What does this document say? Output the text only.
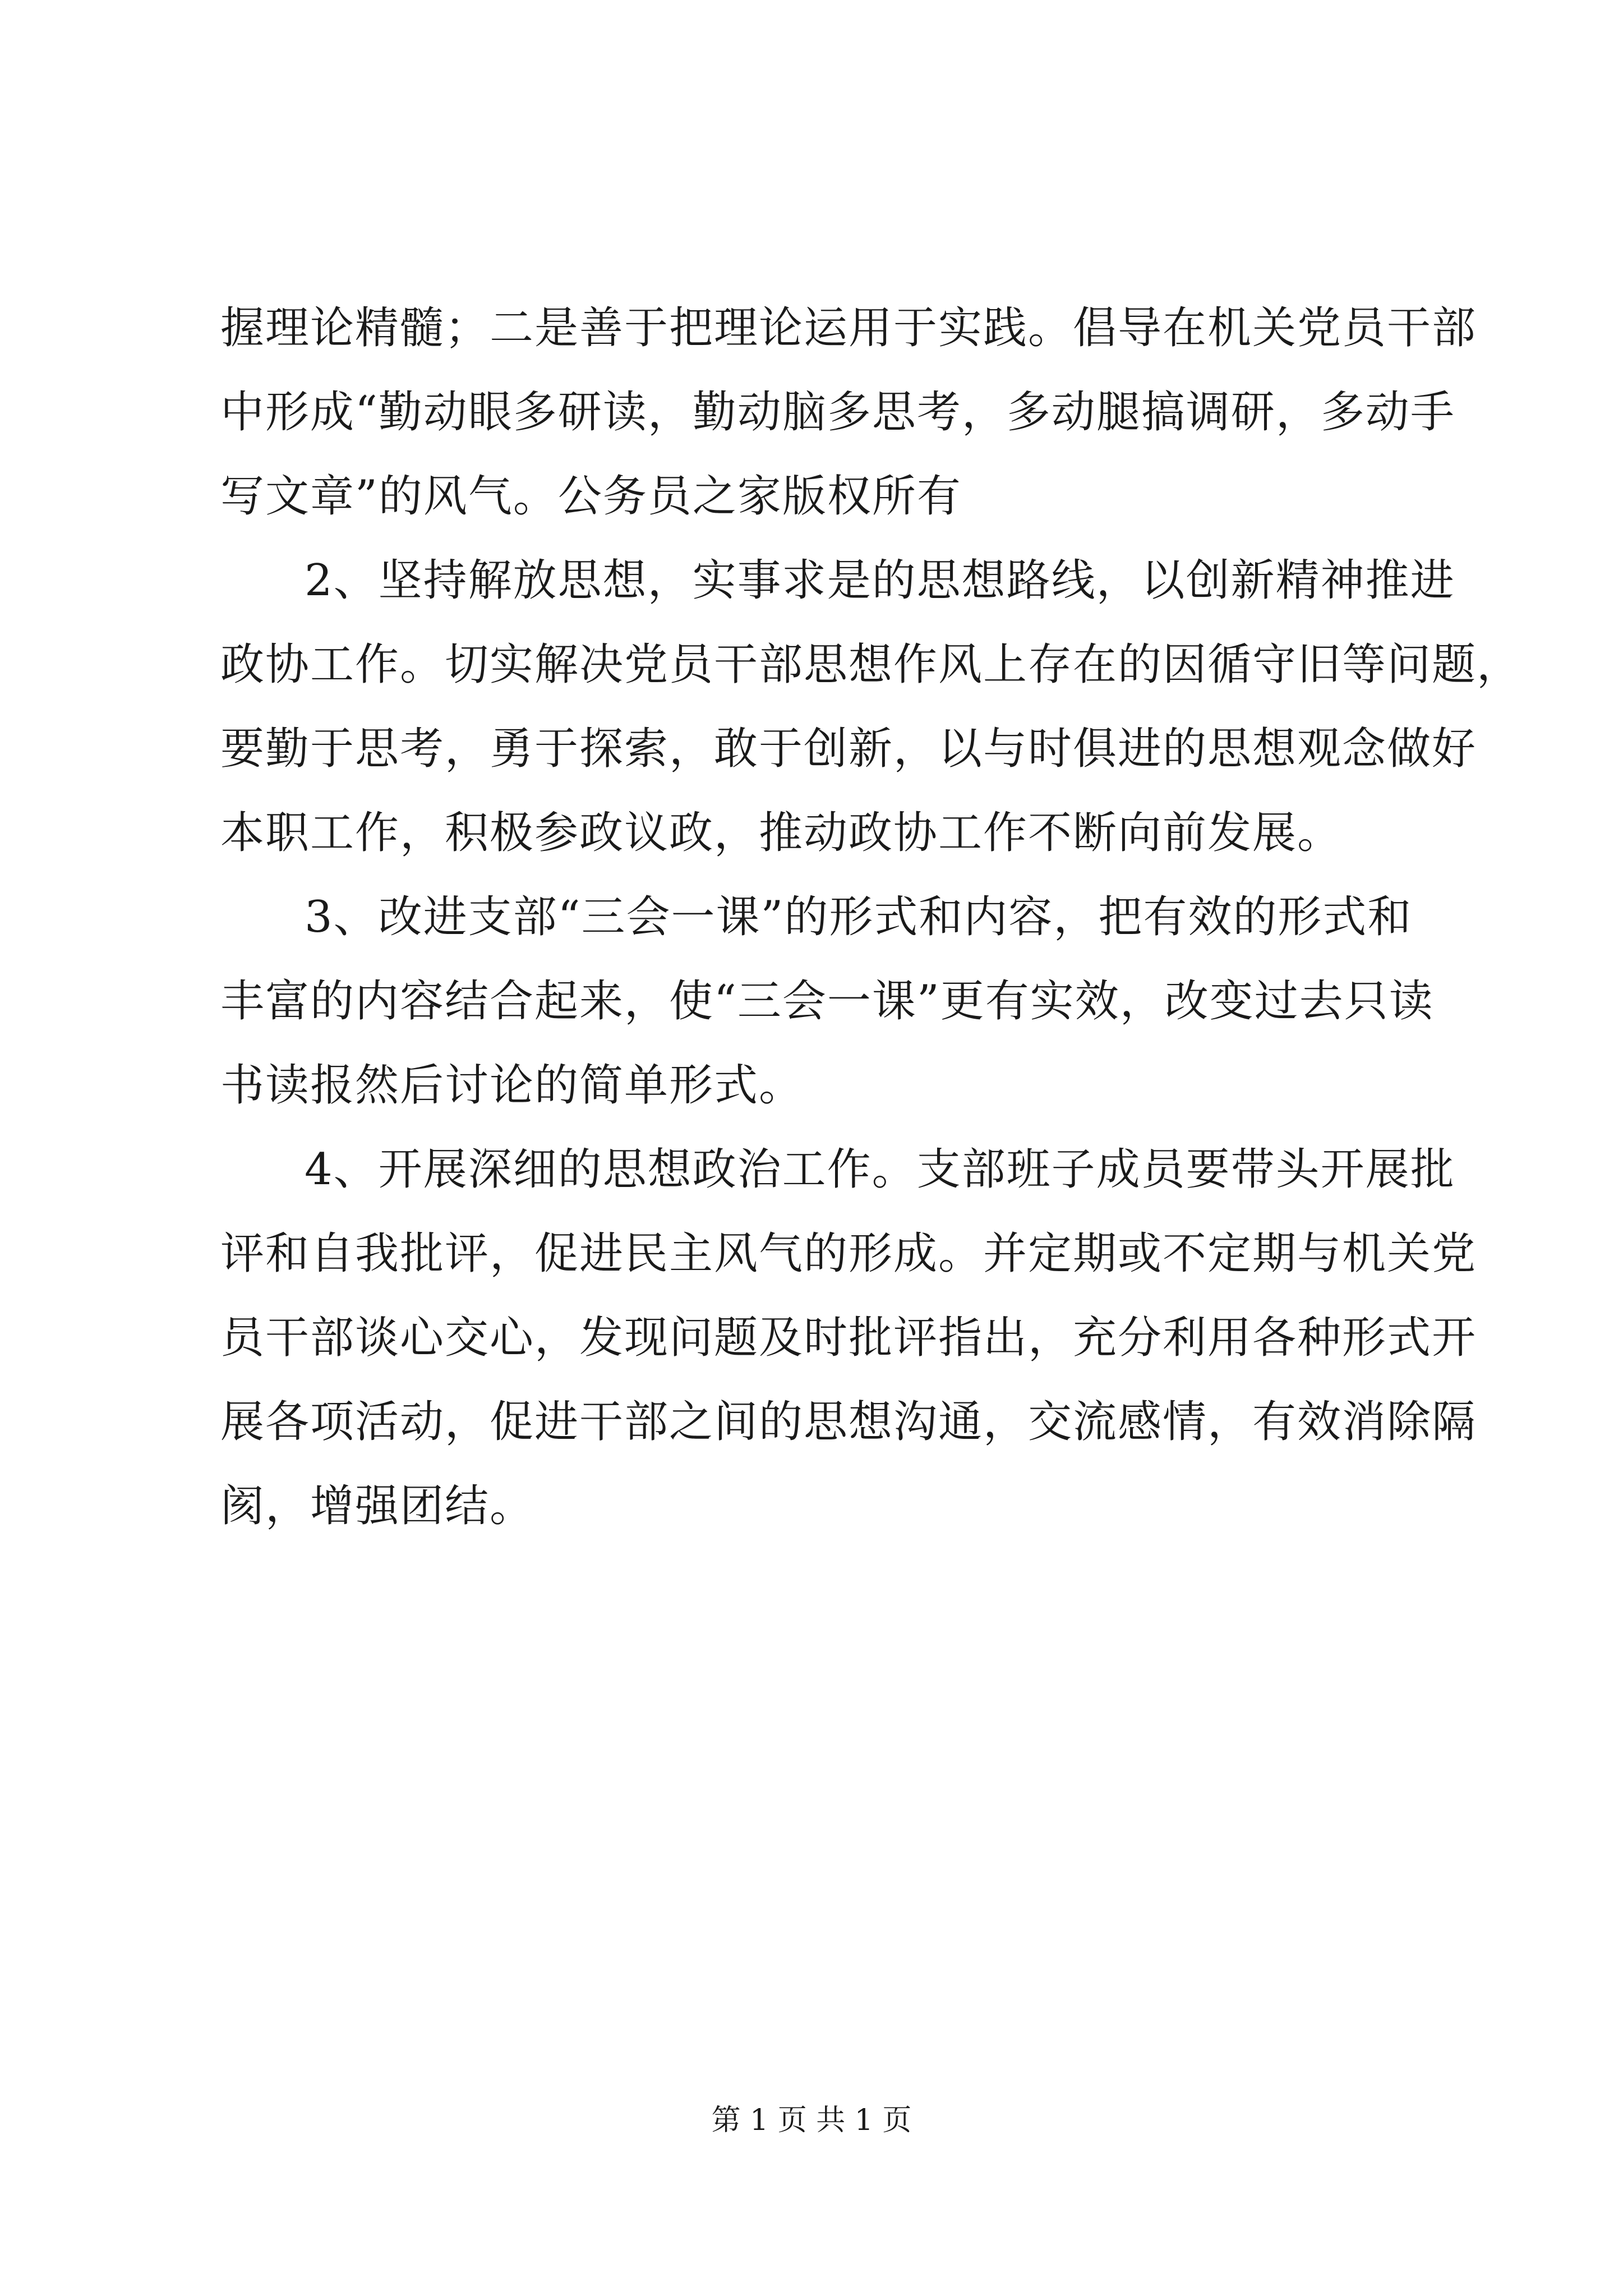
握理论精髓；二是善于把理论运用于实践。倡导在机关党员干部
中形成“勤动眼多研读，勤动脑多思考，多动腿搞调研，多动手
写文章”的风气。公务员之家版权所有
2、坚持解放思想，实事求是的思想路线，以创新精神推进
政协工作。切实解决党员干部思想作风上存在的因循守旧等问题，
要勤于思考，勇于探索，敢于创新，以与时俱进的思想观念做好
本职工作，积极参政议政，推动政协工作不断向前发展。
3、改进支部“三会一课”的形式和内容，把有效的形式和
丰富的内容结合起来，使“三会一课”更有实效，改变过去只读
书读报然后讨论的简单形式。
4、开展深细的思想政治工作。支部班子成员要带头开展批
评和自我批评，促进民主风气的形成。并定期或不定期与机关党
员干部谈心交心，发现问题及时批评指出，充分利用各种形式开
展各项活动，促进干部之间的思想沟通，交流感情，有效消除隔
阂，增强团结。
第 1 页 共 1 页
